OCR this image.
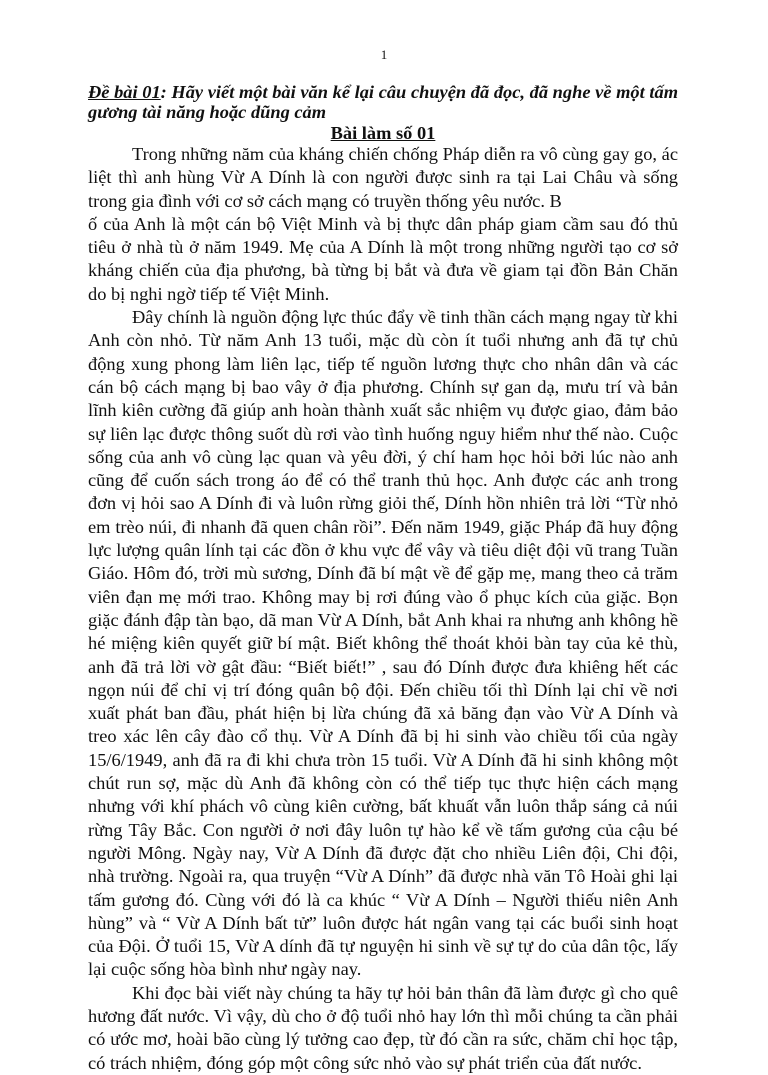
1

Đề bài 01: Hãy viết một bài văn kể lại câu chuyện đã đọc, đã nghe về một tấm gương tài năng hoặc dũng cảm

Bài làm số 01

Trong những năm của kháng chiến chống Pháp diễn ra vô cùng gay go, ác liệt thì anh hùng Vừ A Dính là con người được sinh ra tại Lai Châu và sống trong gia đình với cơ sở cách mạng có truyền thống yêu nước. B

ố của Anh là một cán bộ Việt Minh và bị thực dân pháp giam cầm sau đó thủ tiêu ở nhà tù ở năm 1949. Mẹ của A Dính là một trong những người tạo cơ sở kháng chiến của địa phương, bà từng bị bắt và đưa về giam tại đồn Bản Chăn do bị nghi ngờ tiếp tế Việt Minh.

Đây chính là nguồn động lực thúc đẩy về tinh thần cách mạng ngay từ khi Anh còn nhỏ. Từ năm Anh 13 tuổi, mặc dù còn ít tuổi nhưng anh đã tự chủ động xung phong làm liên lạc, tiếp tế nguồn lương thực cho nhân dân và các cán bộ cách mạng bị bao vây ở địa phương. Chính sự gan dạ, mưu trí và bản lĩnh kiên cường đã giúp anh hoàn thành xuất sắc nhiệm vụ được giao, đảm bảo sự liên lạc được thông suốt dù rơi vào tình huống nguy hiểm như thế nào. Cuộc sống của anh vô cùng lạc quan và yêu đời, ý chí ham học hỏi bởi lúc nào anh cũng để cuốn sách trong áo để có thể tranh thủ học. Anh được các anh trong đơn vị hỏi sao A Dính đi và luôn rừng giỏi thế, Dính hồn nhiên trả lời “Từ nhỏ em trèo núi, đi nhanh đã quen chân rồi”. Đến năm 1949, giặc Pháp đã huy động lực lượng quân lính tại các đồn ở khu vực để vây và tiêu diệt đội vũ trang Tuần Giáo. Hôm đó, trời mù sương, Dính đã bí mật về để gặp mẹ, mang theo cả trăm viên đạn mẹ mới trao. Không may bị rơi đúng vào ổ phục kích của giặc. Bọn giặc đánh đập tàn bạo, dã man Vừ A Dính, bắt Anh khai ra nhưng anh không hề hé miệng kiên quyết giữ bí mật. Biết không thể thoát khỏi bàn tay của kẻ thù, anh đã trả lời vờ gật đầu: “Biết biết!” , sau đó Dính được đưa khiêng hết các ngọn núi để chỉ vị trí đóng quân bộ đội. Đến chiều tối thì Dính lại chỉ về nơi xuất phát ban đầu, phát hiện bị lừa chúng đã xả băng đạn vào Vừ A Dính và treo xác lên cây đào cổ thụ. Vừ A Dính đã bị hi sinh vào chiều tối của ngày 15/6/1949, anh đã ra đi khi chưa tròn 15 tuổi. Vừ A Dính đã hi sinh không một chút run sợ, mặc dù Anh đã không còn có thể tiếp tục thực hiện cách mạng nhưng với khí phách vô cùng kiên cường, bất khuất vẫn luôn thắp sáng cả núi rừng Tây Bắc. Con người ở nơi đây luôn tự hào kể về tấm gương của cậu bé người Mông. Ngày nay, Vừ A Dính đã được đặt cho nhiều Liên đội, Chi đội, nhà trường. Ngoài ra, qua truyện “Vừ A Dính” đã được nhà văn Tô Hoài ghi lại tấm gương đó. Cùng với đó là ca khúc “ Vừ A Dính – Người thiếu niên Anh hùng” và “ Vừ A Dính bất tử” luôn được hát ngân vang tại các buổi sinh hoạt của Đội. Ở tuổi 15, Vừ A dính đã tự nguyện hi sinh về sự tự do của dân tộc, lấy lại cuộc sống hòa bình như ngày nay.

Khi đọc bài viết này chúng ta hãy tự hỏi bản thân đã làm được gì cho quê hương đất nước. Vì vậy, dù cho ở độ tuổi nhỏ hay lớn thì mỗi chúng ta cần phải có ước mơ, hoài bão cùng lý tưởng cao đẹp, từ đó cần ra sức, chăm chỉ học tập, có trách nhiệm, đóng góp một công sức nhỏ vào sự phát triển của đất nước.
